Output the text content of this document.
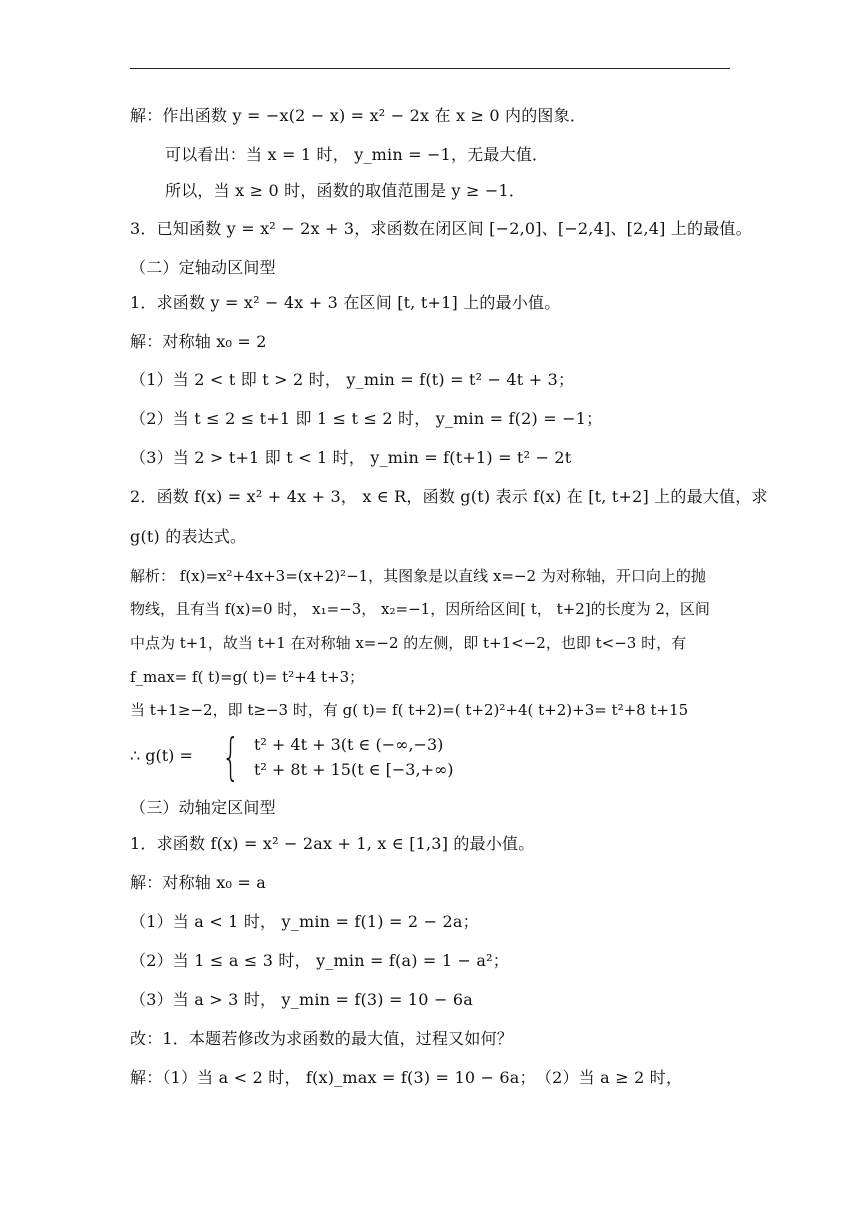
解：作出函数 y = −x(2 − x) = x² − 2x 在 x ≥ 0 内的图象．
可以看出：当 x = 1 时， y_min = −1，无最大值．
所以，当 x ≥ 0 时，函数的取值范围是 y ≥ −1．
3．已知函数 y = x² − 2x + 3，求函数在闭区间 [−2,0]、[−2,4]、[2,4] 上的最值。
（二）定轴动区间型
1．求函数 y = x² − 4x + 3 在区间 [t, t+1] 上的最小值。
解：对称轴 x₀ = 2
（1）当 2 < t 即 t > 2 时， y_min = f(t) = t² − 4t + 3；
（2）当 t ≤ 2 ≤ t+1 即 1 ≤ t ≤ 2 时， y_min = f(2) = −1；
（3）当 2 > t+1 即 t < 1 时， y_min = f(t+1) = t² − 2t
2．函数 f(x) = x² + 4x + 3， x ∈ R，函数 g(t) 表示 f(x) 在 [t, t+2] 上的最大值，求
g(t) 的表达式。
解析： f(x)=x²+4x+3=(x+2)²−1，其图象是以直线 x=−2 为对称轴，开口向上的抛
物线，且有当 f(x)=0 时， x₁=−3， x₂=−1，因所给区间[ t， t+2]的长度为 2，区间
中点为 t+1，故当 t+1 在对称轴 x=−2 的左侧，即 t+1<−2，也即 t<−3 时，有
f_max= f( t)=g( t)= t²+4 t+3；
当 t+1≥−2，即 t≥−3 时，有 g( t)= f( t+2)=( t+2)²+4( t+2)+3= t²+8 t+15
∴ g(t) = { t² + 4t + 3(t ∈ (−∞,−3)
t² + 8t + 15(t ∈ [−3,+∞)
（三）动轴定区间型
1．求函数 f(x) = x² − 2ax + 1, x ∈ [1,3] 的最小值。
解：对称轴 x₀ = a
（1）当 a < 1 时， y_min = f(1) = 2 − 2a；
（2）当 1 ≤ a ≤ 3 时， y_min = f(a) = 1 − a²；
（3）当 a > 3 时， y_min = f(3) = 10 − 6a
改：1．本题若修改为求函数的最大值，过程又如何？
解：（1）当 a < 2 时， f(x)_max = f(3) = 10 − 6a；　（2）当 a ≥ 2 时，
